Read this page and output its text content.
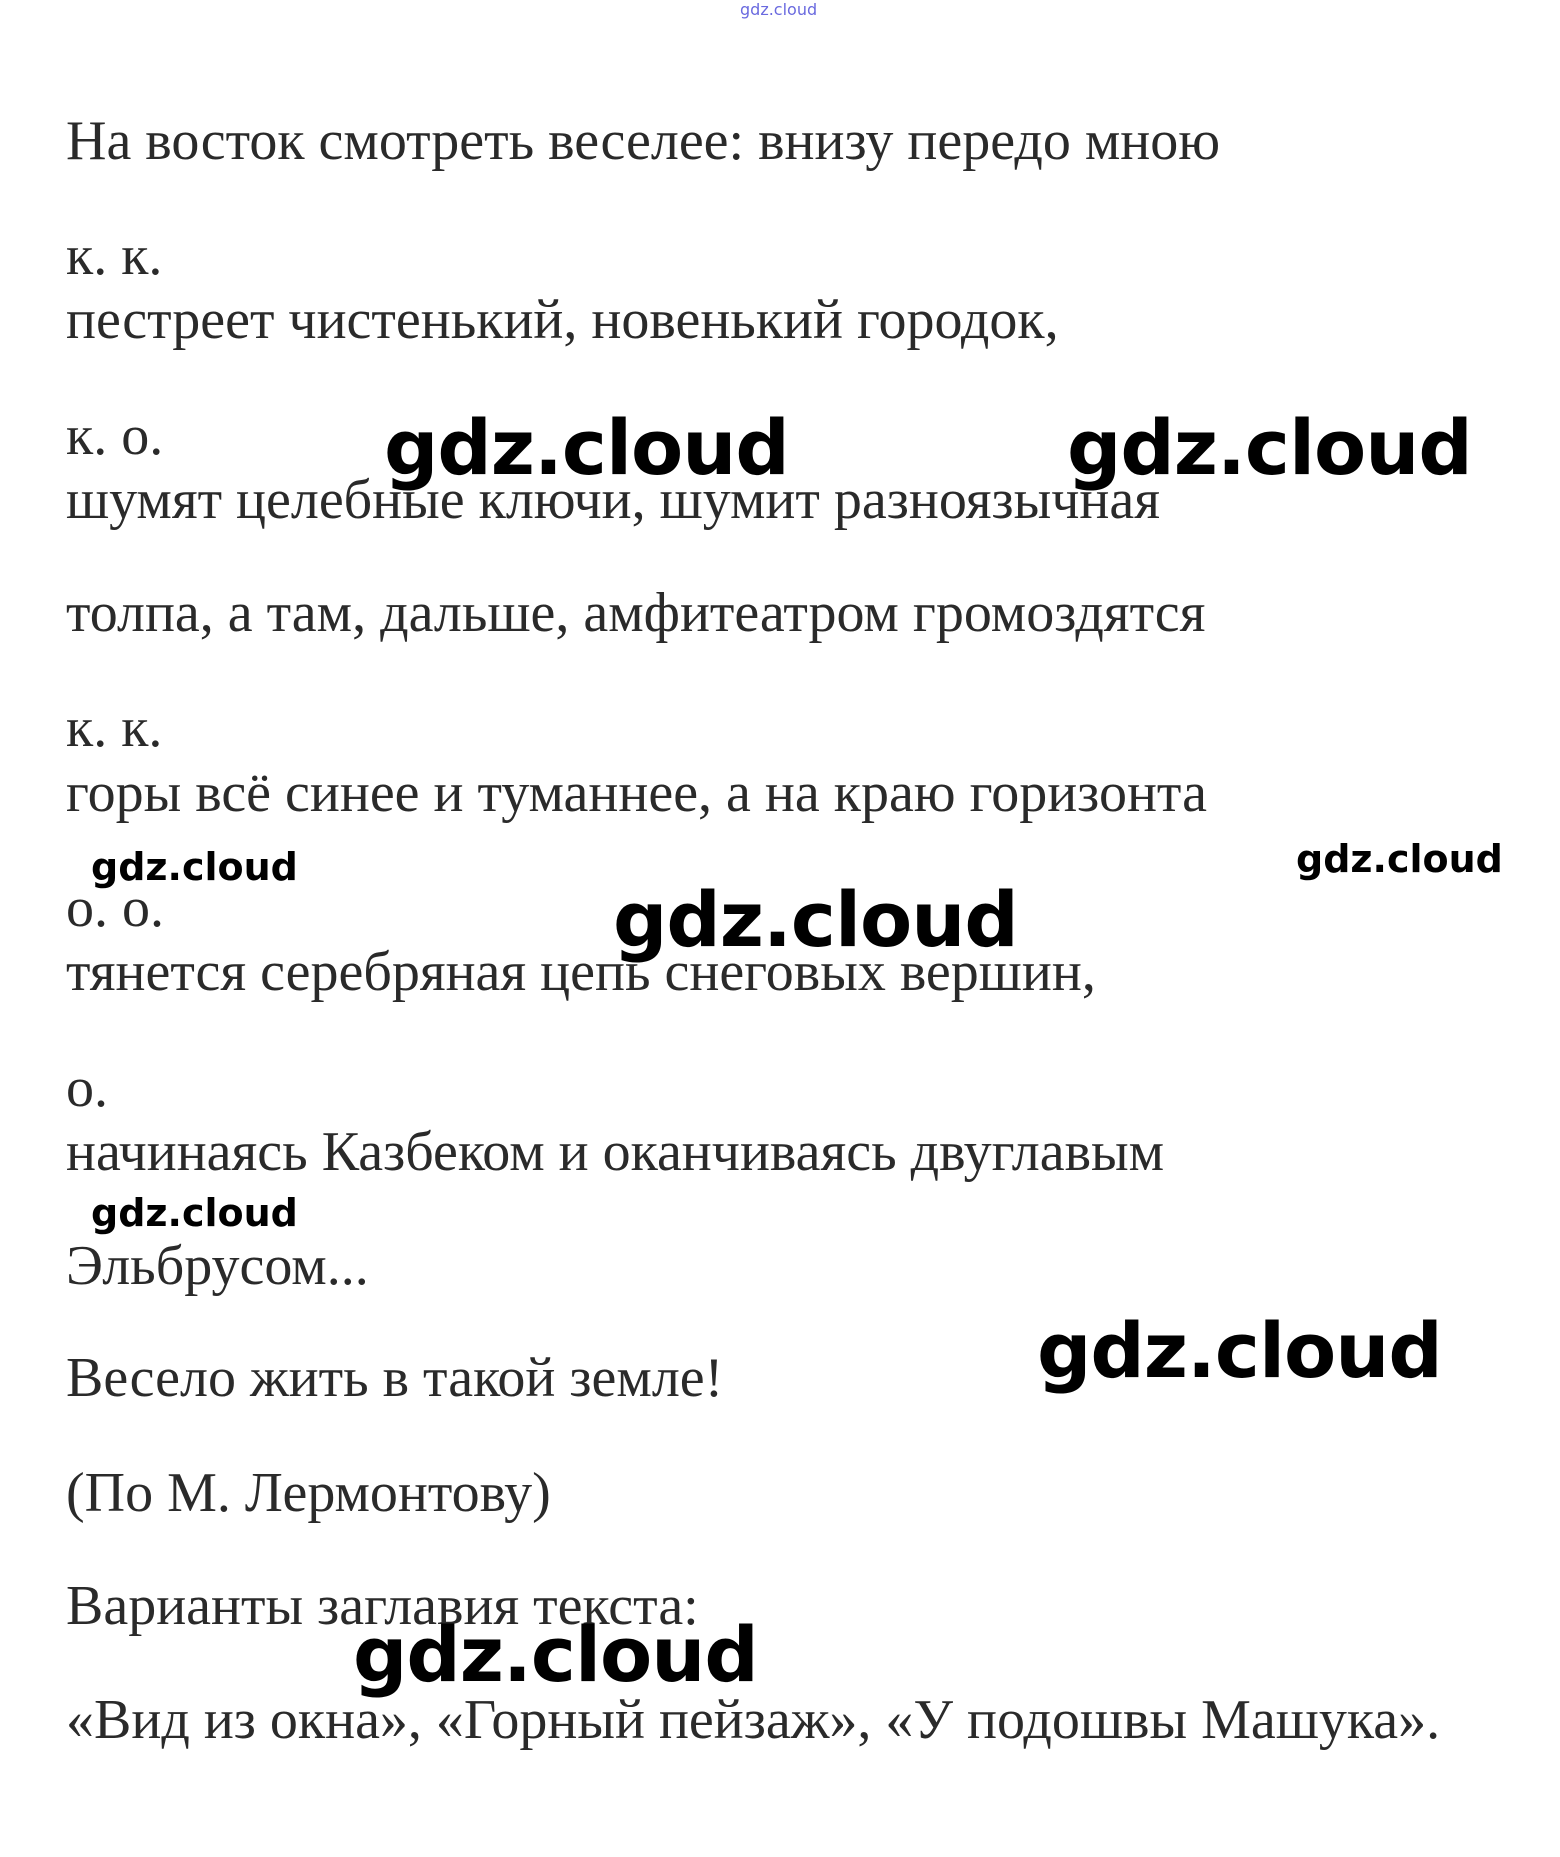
gdz.cloud
На восток смотреть веселее: внизу передо мною
к. к.
пестреет чистенький, новенький городок,
к. о.
шумят целебные ключи, шумит разноязычная
толпа, а там, дальше, амфитеатром громоздятся
к. к.
горы всё синее и туманнее, а на краю горизонта
о. о.
тянется серебряная цепь снеговых вершин,
о.
начинаясь Казбеком и оканчиваясь двуглавым
Эльбрусом...
Весело жить в такой земле!
(По М. Лермонтову)
Варианты заглавия текста:
«Вид из окна», «Горный пейзаж», «У подошвы Машука».
gdz.cloud	gdz.cloud
gdz.cloud	gdz.cloud
gdz.cloud
gdz.cloud
gdz.cloud
gdz.cloud
